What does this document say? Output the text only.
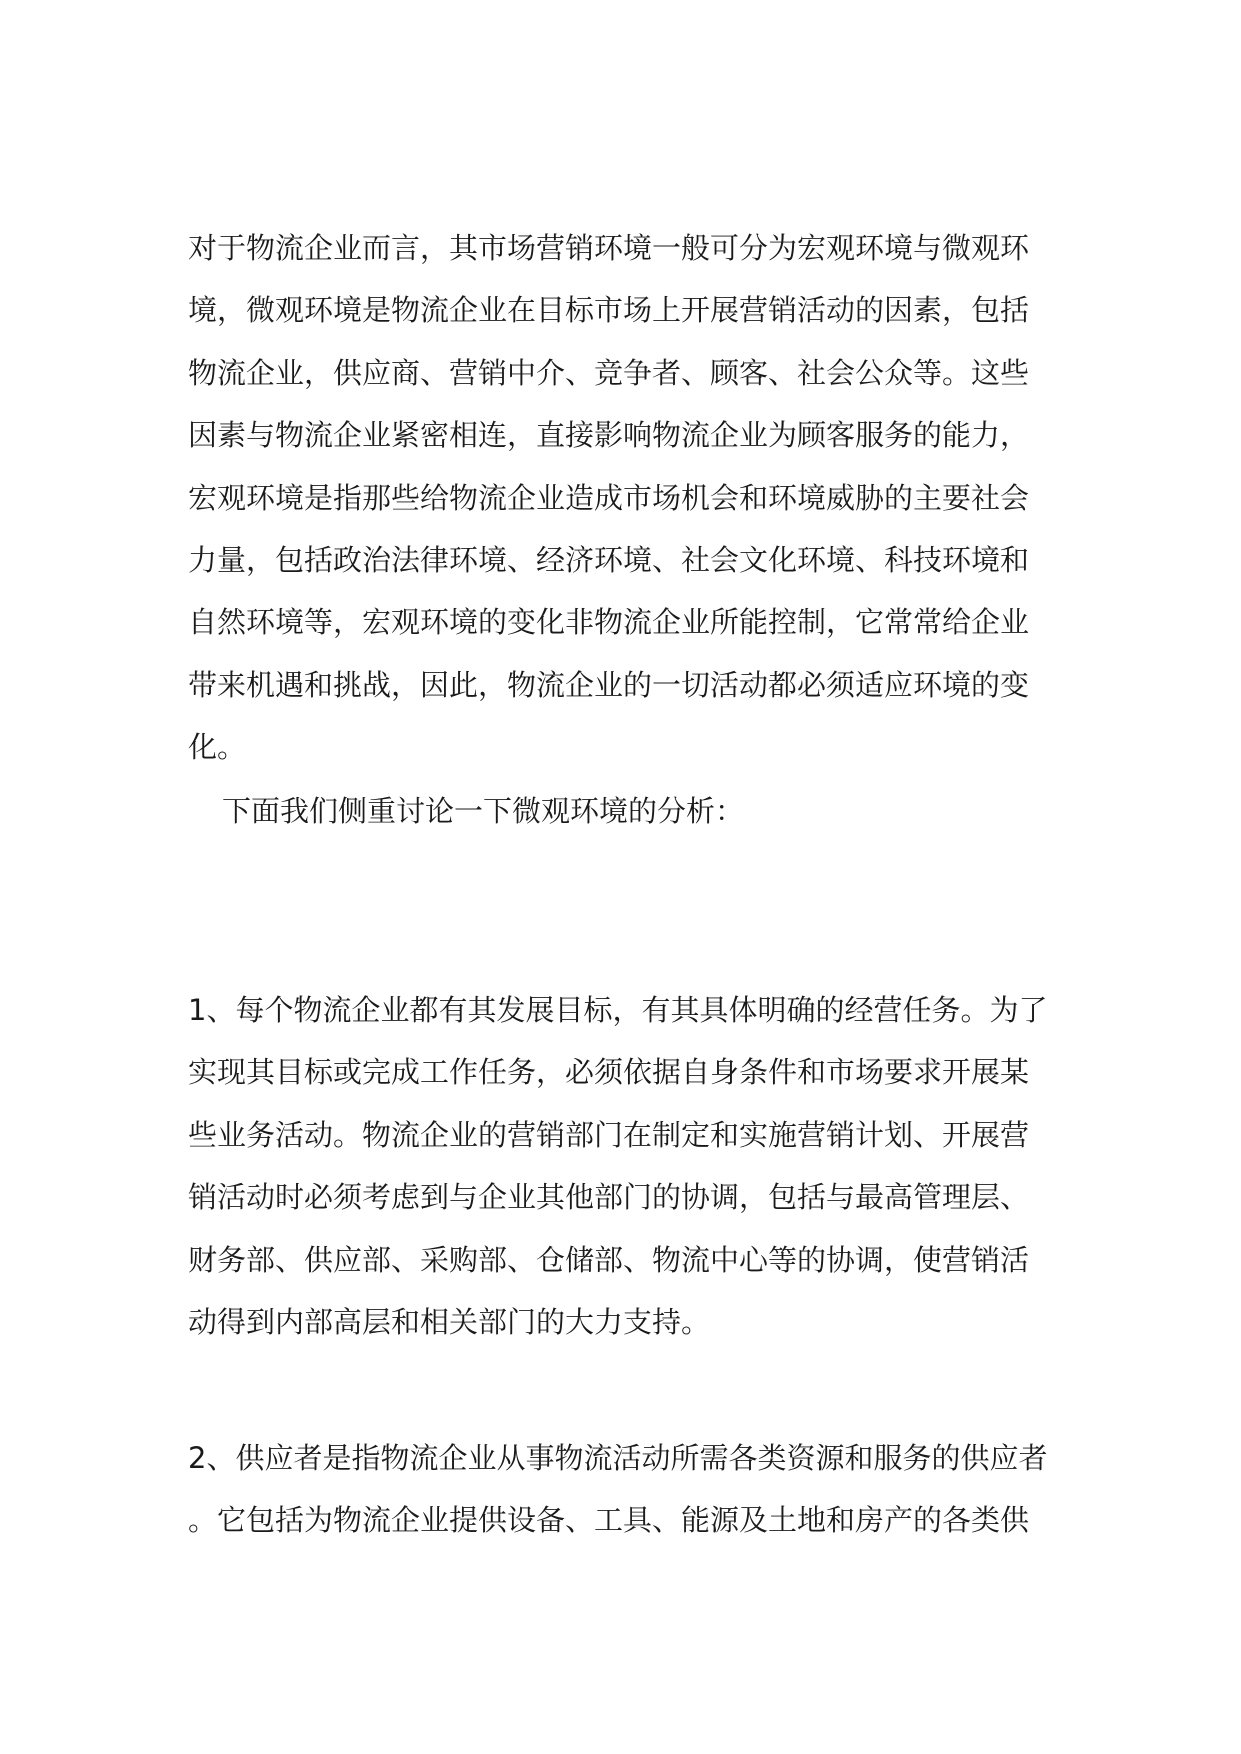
对于物流企业而言，其市场营销环境一般可分为宏观环境与微观环
境，微观环境是物流企业在目标市场上开展营销活动的因素，包括
物流企业，供应商、营销中介、竞争者、顾客、社会公众等。这些
因素与物流企业紧密相连，直接影响物流企业为顾客服务的能力，
宏观环境是指那些给物流企业造成市场机会和环境威胁的主要社会
力量，包括政治法律环境、经济环境、社会文化环境、科技环境和
自然环境等，宏观环境的变化非物流企业所能控制，它常常给企业
带来机遇和挑战，因此，物流企业的一切活动都必须适应环境的变
化。
下面我们侧重讨论一下微观环境的分析：
1、每个物流企业都有其发展目标，有其具体明确的经营任务。为了
实现其目标或完成工作任务，必须依据自身条件和市场要求开展某
些业务活动。物流企业的营销部门在制定和实施营销计划、开展营
销活动时必须考虑到与企业其他部门的协调，包括与最高管理层、
财务部、供应部、采购部、仓储部、物流中心等的协调，使营销活
动得到内部高层和相关部门的大力支持。
2、供应者是指物流企业从事物流活动所需各类资源和服务的供应者
。它包括为物流企业提供设备、工具、能源及土地和房产的各类供
